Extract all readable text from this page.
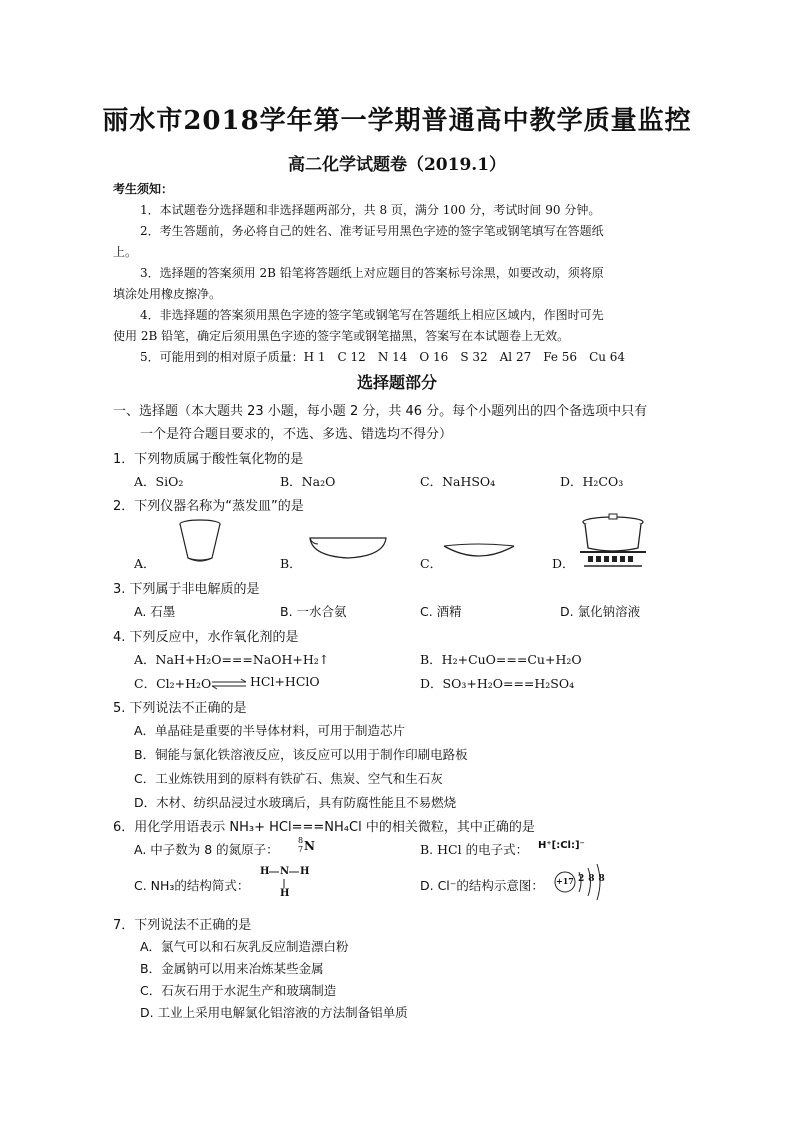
丽水市2018学年第一学期普通高中教学质量监控
高二化学试题卷（2019.1）
考生须知：
1．本试题卷分选择题和非选择题两部分，共 8 页，满分 100 分，考试时间 90 分钟。
2．考生答题前，务必将自己的姓名、准考证号用黑色字迹的签字笔或钢笔填写在答题纸
上。
3．选择题的答案须用 2B 铅笔将答题纸上对应题目的答案标号涂黑，如要改动，须将原
填涂处用橡皮擦净。
4．非选择题的答案须用黑色字迹的签字笔或钢笔写在答题纸上相应区域内，作图时可先
使用 2B 铅笔，确定后须用黑色字迹的签字笔或钢笔描黑，答案写在本试题卷上无效。
5．可能用到的相对原子质量：H 1　C 12　N 14　O 16　S 32　Al 27　Fe 56　Cu 64
选择题部分
一、选择题（本大题共 23 小题，每小题 2 分，共 46 分。每个小题列出的四个备选项中只有
一个是符合题目要求的，不选、多选、错选均不得分）
1．下列物质属于酸性氧化物的是
A．SiO₂	B．Na₂O	C．NaHSO₄	D．H₂CO₃
2．下列仪器名称为“蒸发皿”的是
A．	B．	C．	D．
3. 下列属于非电解质的是
A. 石墨	B. 一水合氨	C. 酒精	D. 氯化钠溶液
4. 下列反应中，水作氧化剂的是
A．NaH+H₂O===NaOH+H₂↑	B．H₂+CuO===Cu+H₂O
C．Cl₂+H₂O ⇌ HCl+HClO	D．SO₃+H₂O===H₂SO₄
5. 下列说法不正确的是
A．单晶硅是重要的半导体材料，可用于制造芯片
B．铜能与氯化铁溶液反应，该反应可以用于制作印刷电路板
C．工业炼铁用到的原料有铁矿石、焦炭、空气和生石灰
D．木材、纺织品浸过水玻璃后，具有防腐性能且不易燃烧
6．用化学用语表示 NH₃+ HCl===NH₄Cl 中的相关微粒，其中正确的是
A. 中子数为 8 的氮原子：
8
7 N	B. HCl 的电子式： H⁺[:Cl:]⁻
C. NH₃的结构简式：
H N H
H
D. Cl⁻的结构示意图： +17 288
7．下列说法不正确的是
A．氯气可以和石灰乳反应制造漂白粉
B．金属钠可以用来冶炼某些金属
C．石灰石用于水泥生产和玻璃制造
D. 工业上采用电解氯化铝溶液的方法制备铝单质
